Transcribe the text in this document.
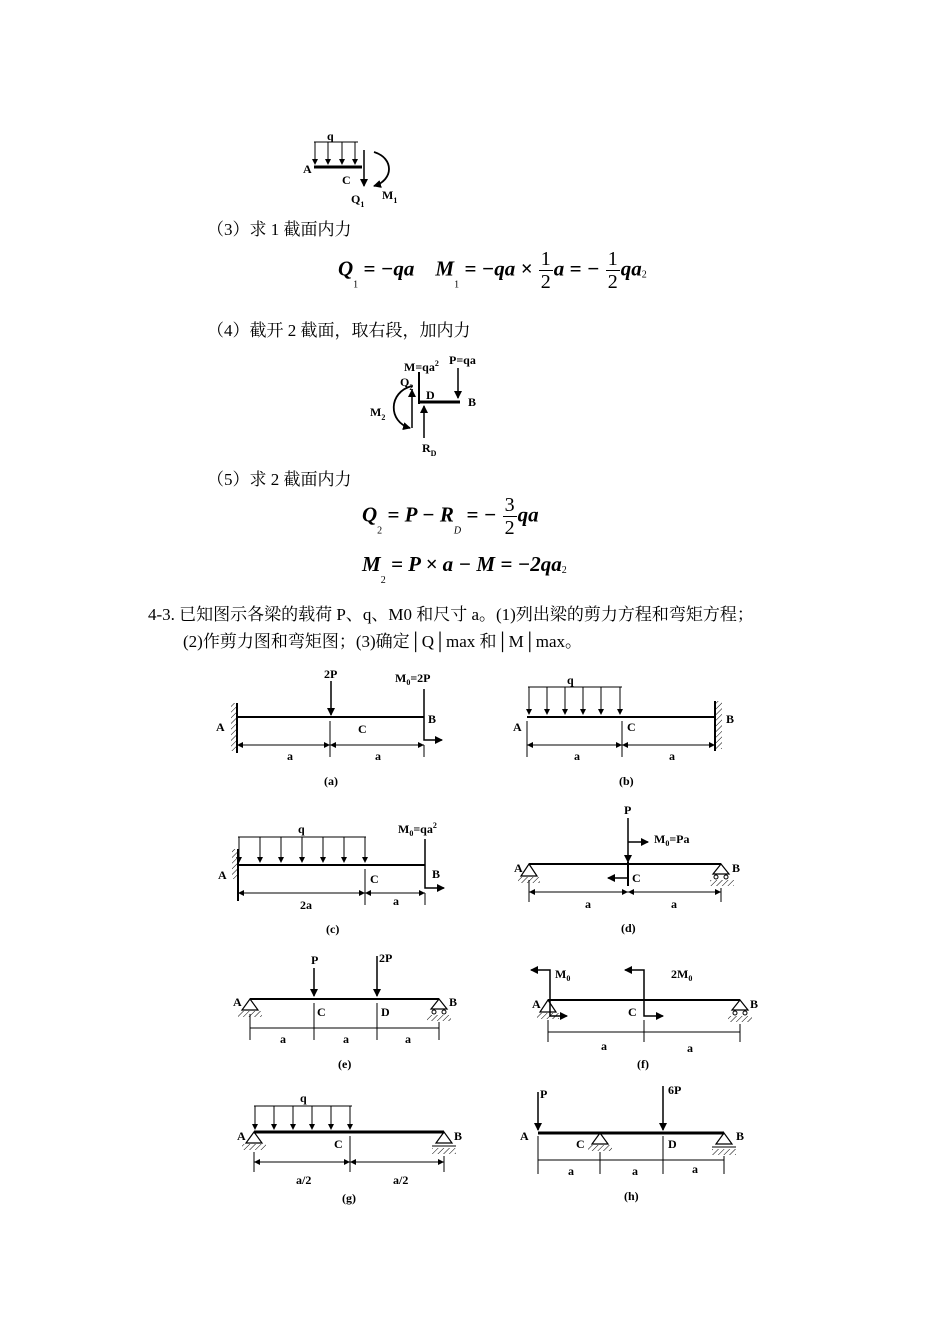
q
A
C
$Q_1$
$M_1$
（3）求 1 截面内力
$Q_1 = -qa$ $M_1 = -qa \times \frac{1}{2}$ a = − $\frac{1}{2} qa_2$
（4）截开 2 截面，取右段，加内力
$M=qa^2$ P=qa
$Q_2$
D	B
$M_2$
$R_D$
（5）求 2 截面内力
$Q_2 = P - R_D$ = − $\frac{3}{2}$ qa
$M_2 = P \times a - M = -2qa_2$
4-3. 已知图示各梁的载荷 P、q、M0 和尺寸 a。(1)列出梁的剪力方程和弯矩方程；
(2)作剪力图和弯矩图；(3)确定│Q│max 和│M│max。
2P	$M_0=2P$
A
B
C
a	a
(a)
q
A
B
C
a	a
(b)
q	$M_0=qa^2$
A	B
C
2a	a
(c)
P
$M_0=Pa$
A	B
C
a	a
(d)
P	2P
A	B
C	D
a	a	a
(e)
$M_0$	$2M_0$
A	B
C
a	a
(f)
q
A	B
C
a/2	a/2
(g)
P	6P
A	B
C	D
a	a	a
(h)
